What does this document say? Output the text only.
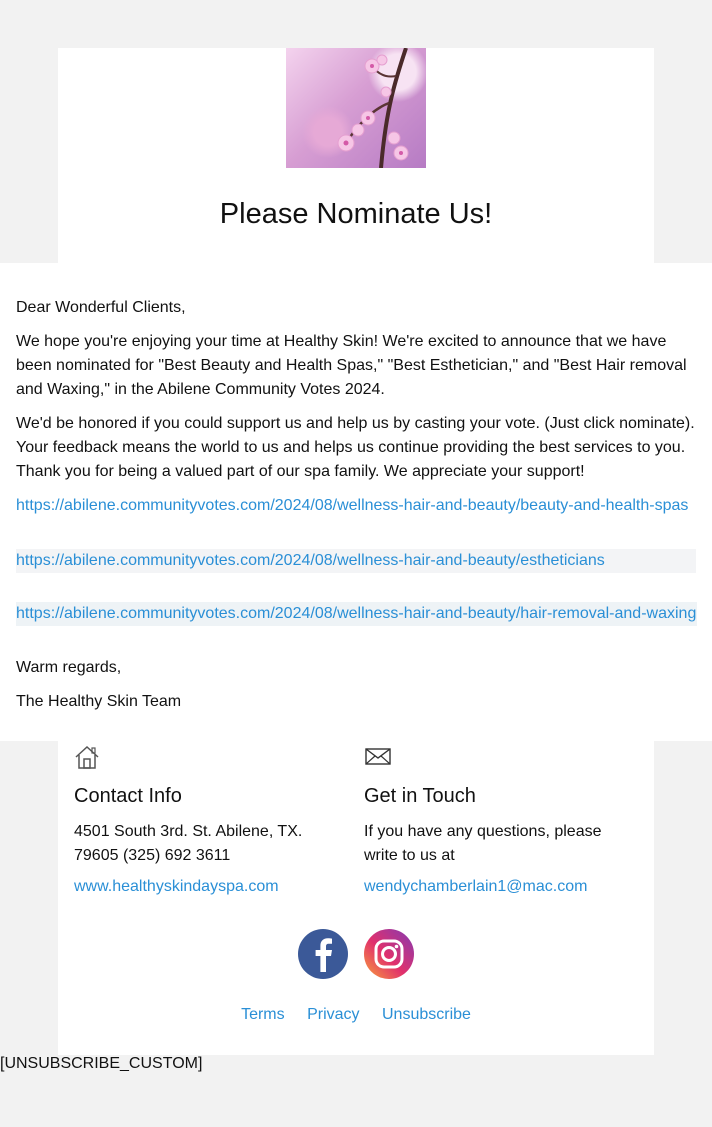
Please Nominate Us!

Dear Wonderful Clients,

We hope you're enjoying your time at Healthy Skin! We're excited to announce that we have been nominated for "Best Beauty and Health Spas," "Best Esthetician," and "Best Hair removal and Waxing," in the Abilene Community Votes 2024.

We'd be honored if you could support us and help us by casting your vote. (Just click nominate). Your feedback means the world to us and helps us continue providing the best services to you. Thank you for being a valued part of our spa family. We appreciate your support!

https://abilene.communityvotes.com/2024/08/wellness-hair-and-beauty/beauty-and-health-spas
https://abilene.communityvotes.com/2024/08/wellness-hair-and-beauty/estheticians
https://abilene.communityvotes.com/2024/08/wellness-hair-and-beauty/hair-removal-and-waxing

Warm regards,

The Healthy Skin Team

Contact Info

4501 South 3rd. St. Abilene, TX. 79605 (325) 692 3611

www.healthyskindayspa.com
Get in Touch

If you have any questions, please write to us at

wendychamberlain1@mac.com
Terms Privacy Unsubscribe
[UNSUBSCRIBE_CUSTOM]
